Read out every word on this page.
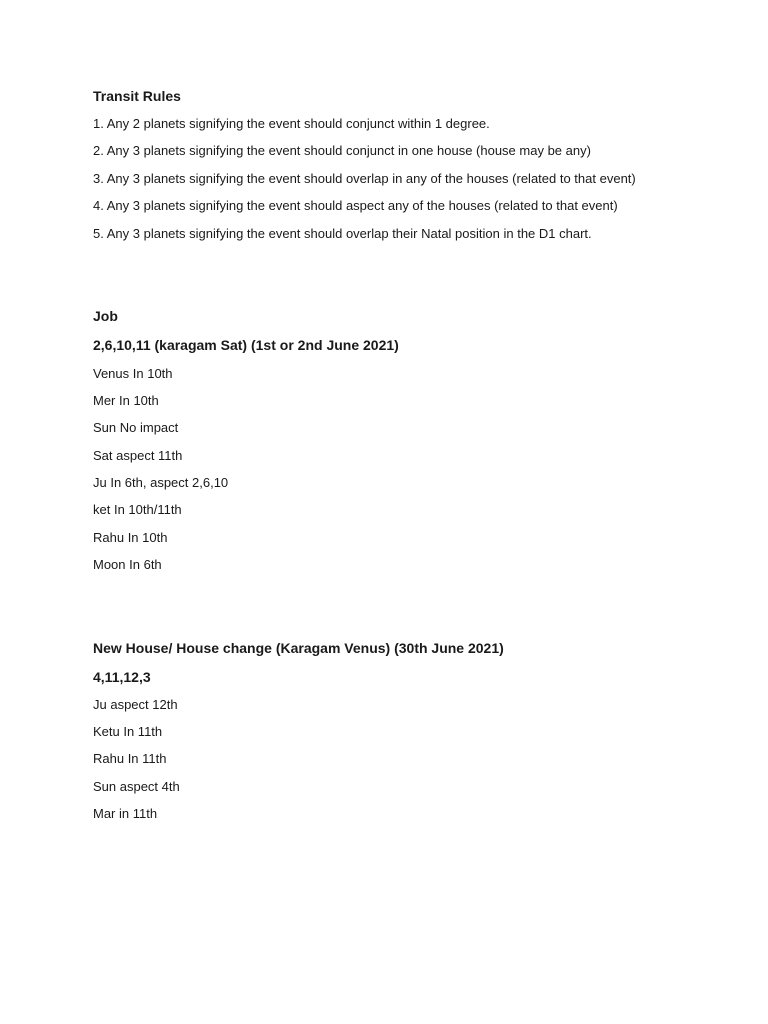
Transit Rules

1. Any 2 planets signifying the event should conjunct within 1 degree.
2. Any 3 planets signifying the event should conjunct in one house (house may be any)
3. Any 3 planets signifying the event should overlap in any of the houses (related to that event)
4. Any 3 planets signifying the event should aspect any of the houses (related to that event)
5. Any 3 planets signifying the event should overlap their Natal position in the D1 chart.

Job

2,6,10,11 (karagam Sat) (1st or 2nd June 2021)

Venus In 10th

Mer In 10th

Sun No impact

Sat aspect 11th

Ju In 6th, aspect 2,6,10

ket In 10th/11th

Rahu In 10th

Moon In 6th

New House/ House change (Karagam Venus) (30th June 2021)

4,11,12,3

Ju aspect 12th

Ketu In 11th

Rahu In 11th

Sun aspect 4th

Mar in 11th
